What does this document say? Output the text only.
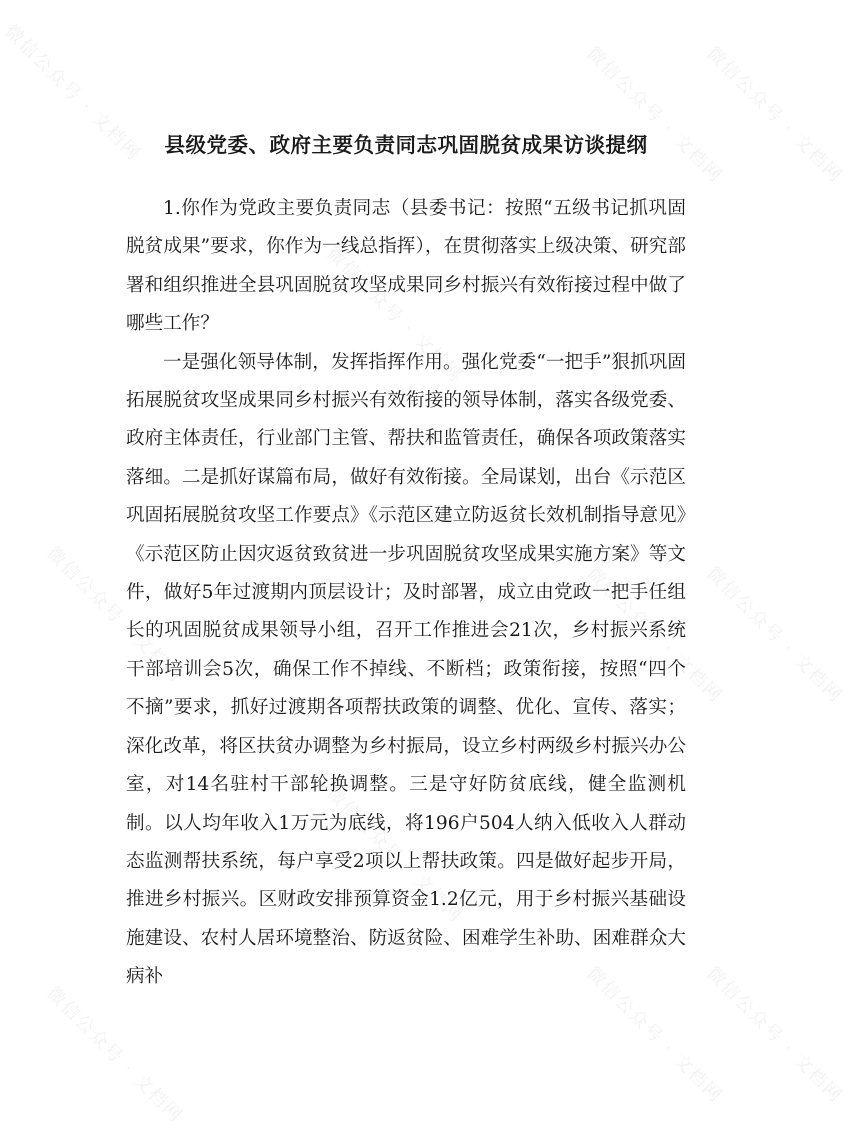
微信公众号 · 文档网	微信公众号 · 文档网
微信公众号 · 文档网
微信公众号 · 文档网
微信公众号 · 文档网	微信公众号 · 文档网
微信公众号 · 文档网
微信公众号 · 文档网
微信公众号 · 文档网	微信公众号 · 文档网
微信公众号 · 文档网
县级党委、政府主要负责同志巩固脱贫成果访谈提纲

1.你作为党政主要负责同志（县委书记：按照“五级书记抓巩固脱贫成果”要求，你作为一线总指挥），在贯彻落实上级决策、研究部署和组织推进全县巩固脱贫攻坚成果同乡村振兴有效衔接过程中做了哪些工作？

一是强化领导体制，发挥指挥作用。强化党委“一把手”狠抓巩固拓展脱贫攻坚成果同乡村振兴有效衔接的领导体制，落实各级党委、政府主体责任，行业部门主管、帮扶和监管责任，确保各项政策落实落细。二是抓好谋篇布局，做好有效衔接。全局谋划，出台《示范区巩固拓展脱贫攻坚工作要点》《示范区建立防返贫长效机制指导意见》《示范区防止因灾返贫致贫进一步巩固脱贫攻坚成果实施方案》等文件，做好5年过渡期内顶层设计；及时部署，成立由党政一把手任组长的巩固脱贫成果领导小组，召开工作推进会21次，乡村振兴系统干部培训会5次，确保工作不掉线、不断档；政策衔接，按照“四个不摘”要求，抓好过渡期各项帮扶政策的调整、优化、宣传、落实；深化改革，将区扶贫办调整为乡村振局，设立乡村两级乡村振兴办公室，对14名驻村干部轮换调整。三是守好防贫底线，健全监测机制。以人均年收入1万元为底线，将196户504人纳入低收入人群动态监测帮扶系统，每户享受2项以上帮扶政策。四是做好起步开局，推进乡村振兴。区财政安排预算资金1.2亿元，用于乡村振兴基础设施建设、农村人居环境整治、防返贫险、困难学生补助、困难群众大病补
